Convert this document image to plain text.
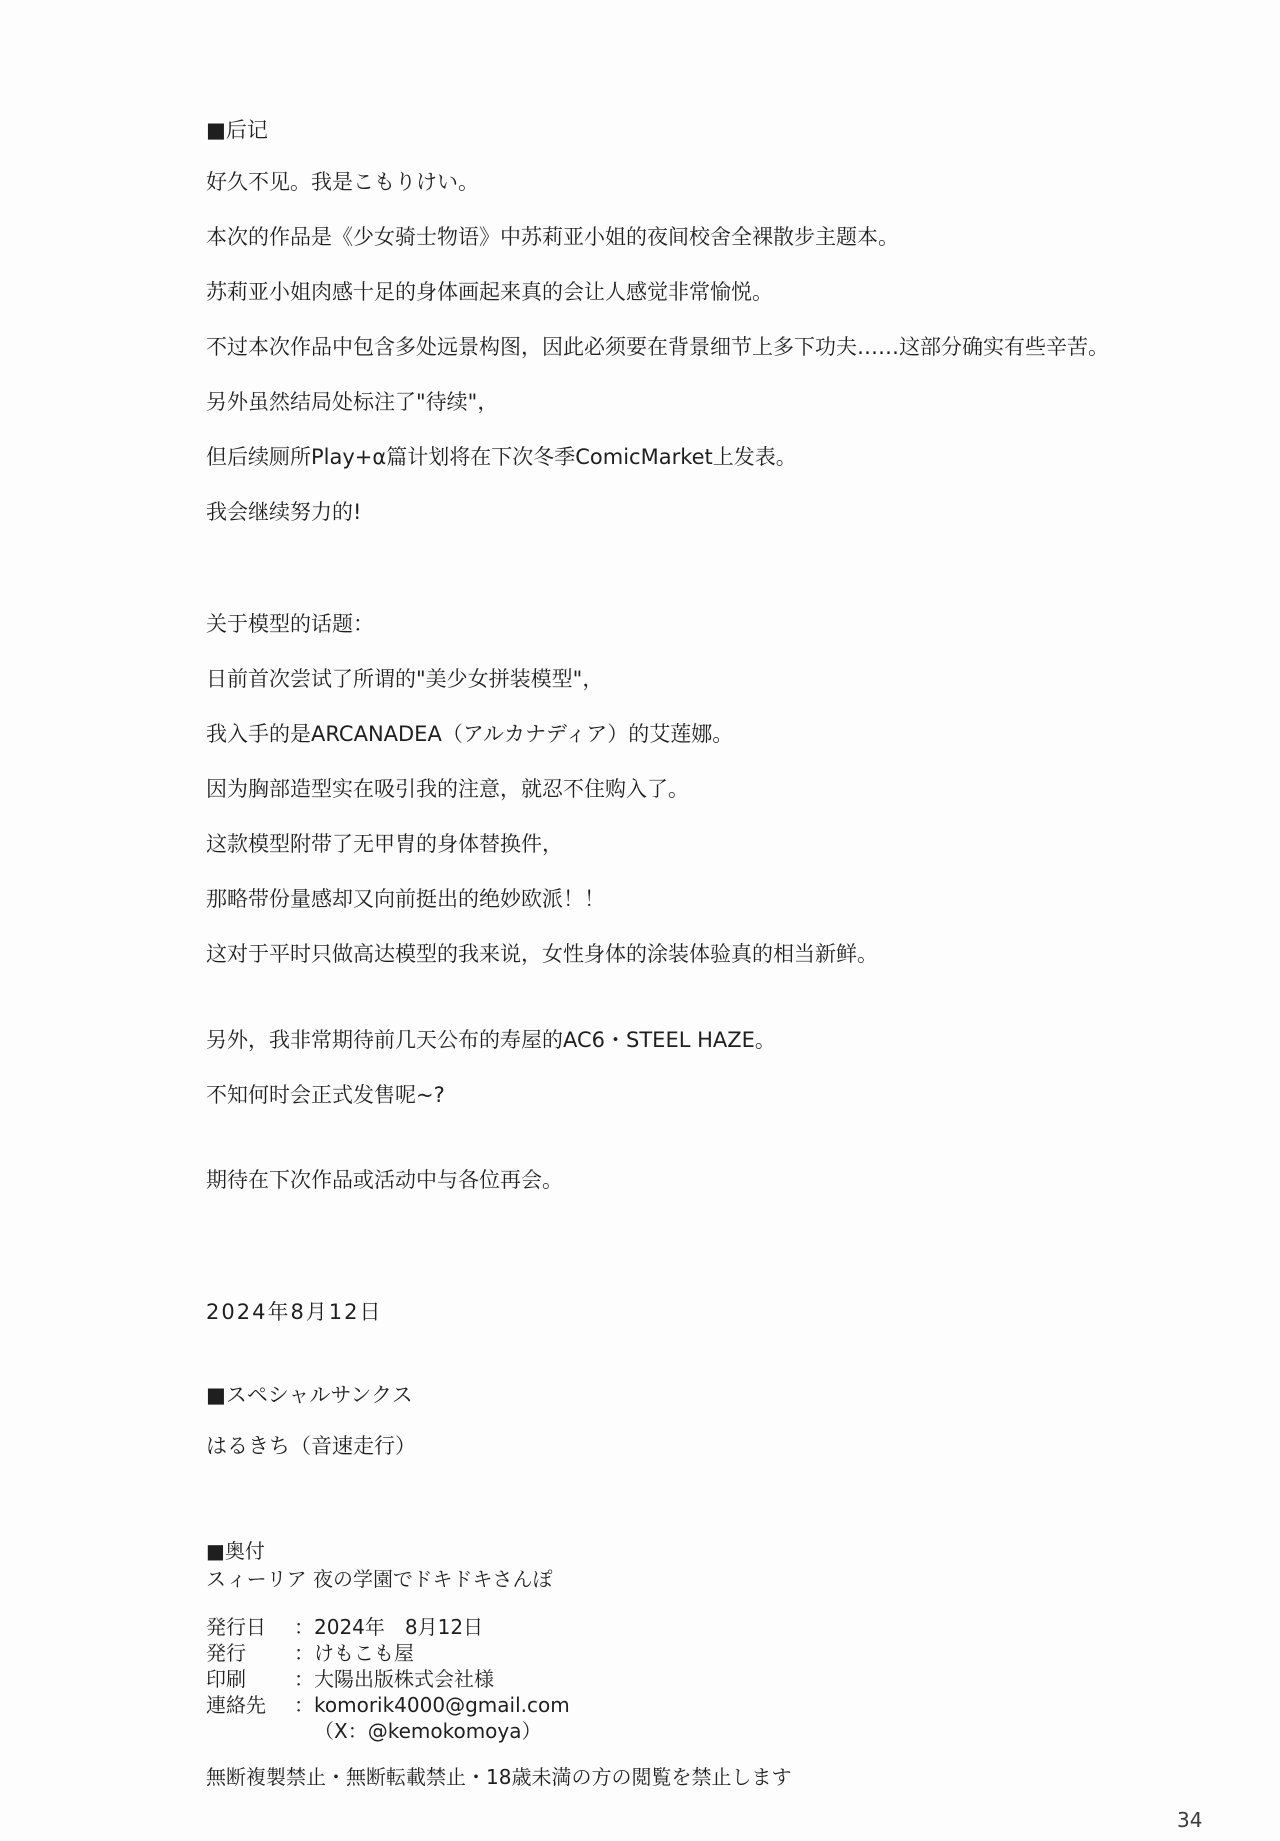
■后记

好久不见。我是こもりけい。

本次的作品是《少女骑士物语》中苏莉亚小姐的夜间校舍全裸散步主题本。

苏莉亚小姐肉感十足的身体画起来真的会让人感觉非常愉悦。

不过本次作品中包含多处远景构图，因此必须要在背景细节上多下功夫……这部分确实有些辛苦。

另外虽然结局处标注了"待续"，

但后续厕所Play+α篇计划将在下次冬季ComicMarket上发表。

我会继续努力的!

关于模型的话题：

日前首次尝试了所谓的"美少女拼装模型"，

我入手的是ARCANADEA（アルカナディア）的艾莲娜。

因为胸部造型实在吸引我的注意，就忍不住购入了。

这款模型附带了无甲胄的身体替换件，

那略带份量感却又向前挺出的绝妙欧派！！

这对于平时只做高达模型的我来说，女性身体的涂装体验真的相当新鲜。

另外，我非常期待前几天公布的寿屋的AC6・STEEL HAZE。

不知何时会正式发售呢~?

期待在下次作品或活动中与各位再会。

2024年8月12日

■スペシャルサンクス

はるきち（音速走行）

■奥付

スィーリア 夜の学園でドキドキさんぽ

発行日	： 2024年　8月12日
発行	： けもこも屋
印刷	： 大陽出版株式会社様
連絡先	： komorik4000@gmail.com
（X：@kemokomoya）

無断複製禁止・無断転載禁止・18歳未満の方の閲覧を禁止します

34
